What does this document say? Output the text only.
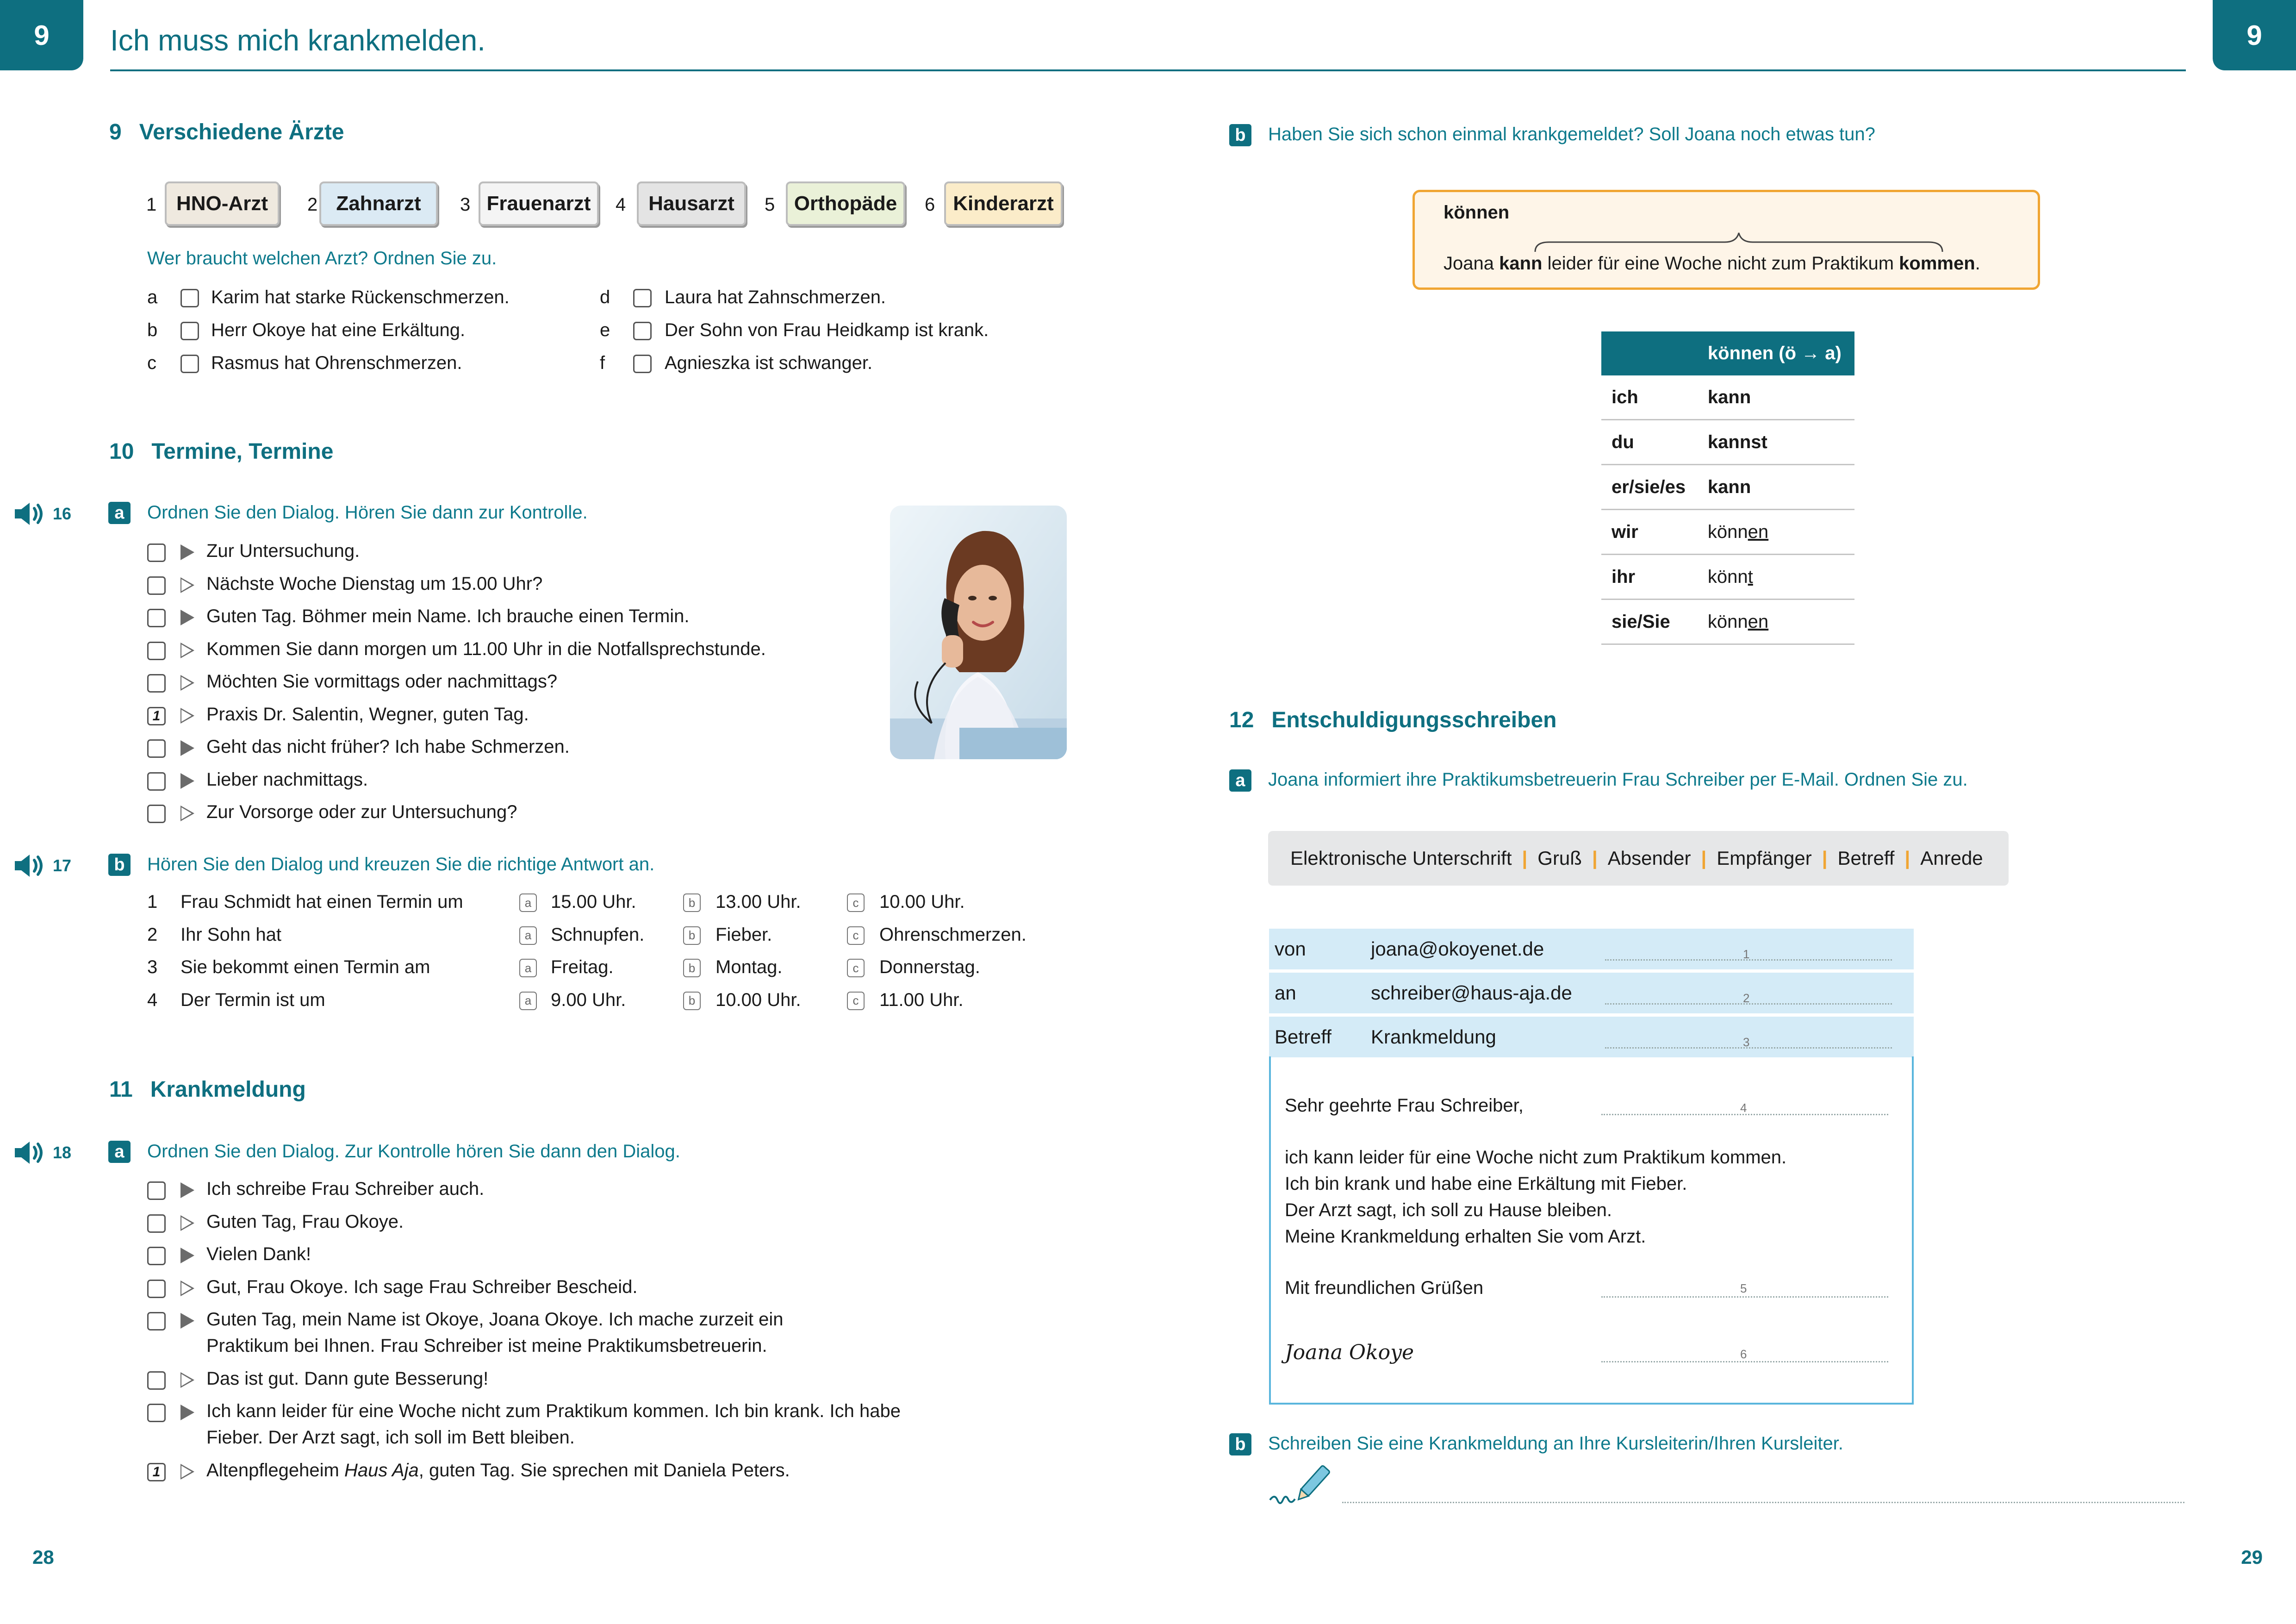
9	9
Ich muss mich krankmelden.
28	29
9 Verschiedene Ärzte
1 HNO-Arzt	2 Zahnarzt	3 Frauenarzt	4	Hausarzt	5 Orthopäde	6 Kinderarzt
Wer braucht welchen Arzt? Ordnen Sie zu.
a	Karim hat starke Rückenschmerzen.
b	Herr Okoye hat eine Erkältung.
c	Rasmus hat Ohrenschmerzen.
d	Laura hat Zahnschmerzen.
e	Der Sohn von Frau Heidkamp ist krank.
f	Agnieszka ist schwanger.
10 Termine, Termine
16	a	Ordnen Sie den Dialog. Hören Sie dann zur Kontrolle.
Zur Untersuchung.
Nächste Woche Dienstag um 15.00 Uhr?
Guten Tag. Böhmer mein Name. Ich brauche einen Termin.
Kommen Sie dann morgen um 11.00 Uhr in die Notfallsprechstunde.
Möchten Sie vormittags oder nachmittags?
1 Praxis Dr. Salentin, Wegner, guten Tag.
Geht das nicht früher? Ich habe Schmerzen.
Lieber nachmittags.
Zur Vorsorge oder zur Untersuchung?
17	b	Hören Sie den Dialog und kreuzen Sie die richtige Antwort an.
1 Frau Schmidt hat einen Termin um	a 15.00 Uhr.	b 13.00 Uhr.	c	10.00 Uhr.
2 Ihr Sohn hat	a Schnupfen.	b Fieber.	c	Ohrenschmerzen.
3 Sie bekommt einen Termin am	a Freitag.	b Montag.	c	Donnerstag.
4 Der Termin ist um	a 9.00 Uhr.	b 10.00 Uhr.	c	11.00 Uhr.
11 Krankmeldung
18	a	Ordnen Sie den Dialog. Zur Kontrolle hören Sie dann den Dialog.
Ich schreibe Frau Schreiber auch.
Guten Tag, Frau Okoye.
Vielen Dank!
Gut, Frau Okoye. Ich sage Frau Schreiber Bescheid.
Guten Tag, mein Name ist Okoye, Joana Okoye. Ich mache zurzeit ein
Praktikum bei Ihnen. Frau Schreiber ist meine Praktikumsbetreuerin.
Das ist gut. Dann gute Besserung!
Ich kann leider für eine Woche nicht zum Praktikum kommen. Ich bin krank. Ich habe
Fieber. Der Arzt sagt, ich soll im Bett bleiben.
1 Altenpflegeheim Haus Aja, guten Tag. Sie sprechen mit Daniela Peters.
b	Haben Sie sich schon einmal krankgemeldet? Soll Joana noch etwas tun?
können
Joana kann leider für eine Woche nicht zum Praktikum kommen.
	können (ö → a)
ich	kann
du	kannst
er/sie/es	kann
wir	können
ihr	könnt
sie/Sie	können
12 Entschuldigungsschreiben
a	Joana informiert ihre Praktikumsbetreuerin Frau Schreiber per E-Mail. Ordnen Sie zu.
Elektronische Unterschrift | Gruß | Absender | Empfänger | Betreff | Anrede
von	joana@okoyenet.de	1
an	schreiber@haus-aja.de	2
Betreff	Krankmeldung	3
Sehr geehrte Frau Schreiber,	4
ich kann leider für eine Woche nicht zum Praktikum kommen.
Ich bin krank und habe eine Erkältung mit Fieber.
Der Arzt sagt, ich soll zu Hause bleiben.
Meine Krankmeldung erhalten Sie vom Arzt.
Mit freundlichen Grüßen	5
Joana Okoye	6
b	Schreiben Sie eine Krankmeldung an Ihre Kursleiterin/Ihren Kursleiter.
